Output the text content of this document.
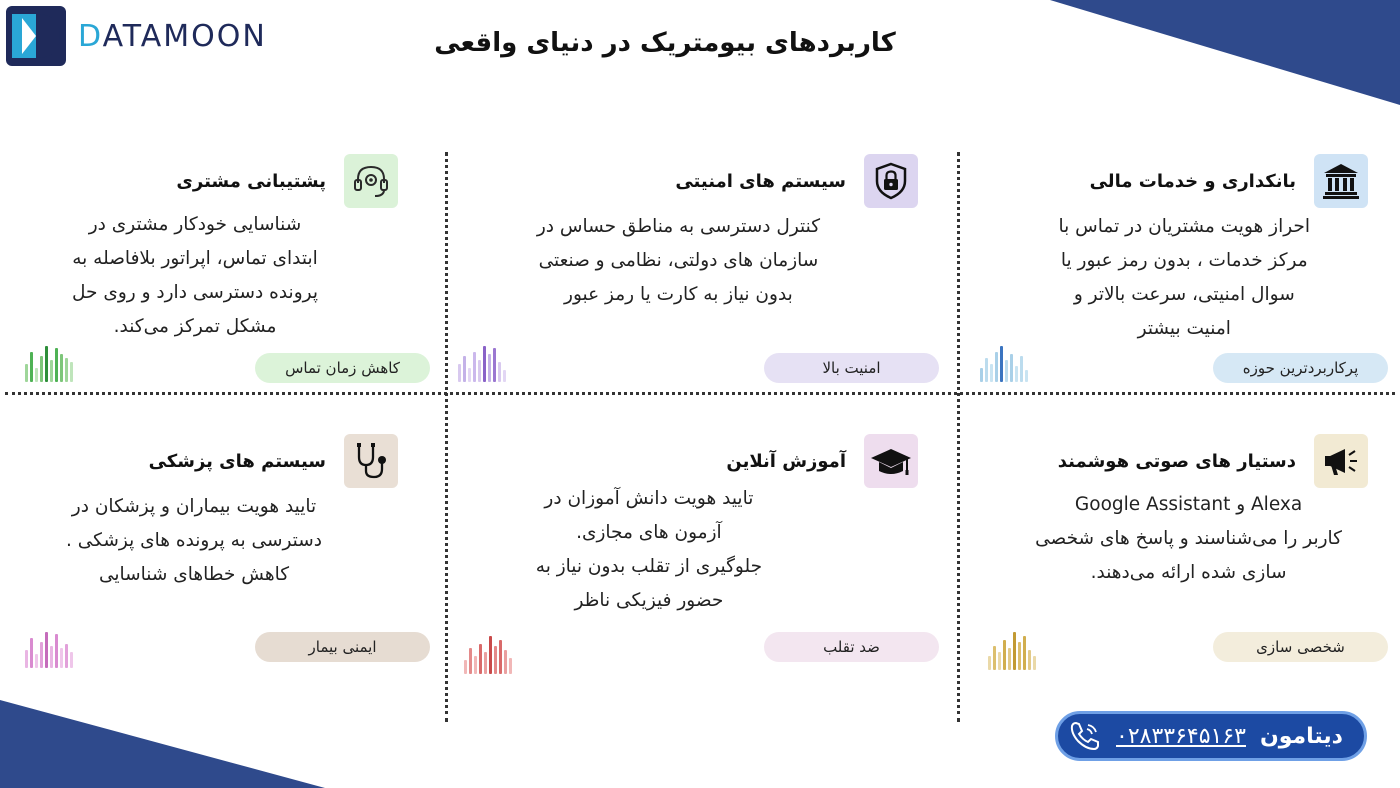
DATAMOON	کاربردهای بیومتریک در دنیای واقعی
بانکداری و خدمات مالی
احراز هویت مشتریان در تماس با
مرکز خدمات ، بدون رمز عبور یا
سوال امنیتی، سرعت بالاتر و
امنیت بیشتر
پرکاربردترین حوزه
سیستم های امنیتی
کنترل دسترسی به مناطق حساس در
سازمان های دولتی، نظامی و صنعتی
بدون نیاز به کارت یا رمز عبور
امنیت بالا
پشتیبانی مشتری
شناسایی خودکار مشتری در
ابتدای تماس، اپراتور بلافاصله به
پرونده دسترسی دارد و روی حل
مشکل تمرکز می‌کند.
کاهش زمان تماس
دستیار های صوتی هوشمند
Alexa و Google Assistant
کاربر را می‌شناسند و پاسخ های شخصی
سازی شده ارائه می‌دهند.
شخصی سازی
آموزش آنلاین
تایید هویت دانش آموزان در
آزمون های مجازی.
جلوگیری از تقلب بدون نیاز به
حضور فیزیکی ناظر
ضد تقلب
سیستم های پزشکی
تایید هویت بیماران و پزشکان در
دسترسی به پرونده های پزشکی .
کاهش خطاهای شناسایی
ایمنی بیمار
۰۲۸۳۳۶۴۵۱۶۳ دیتامون
